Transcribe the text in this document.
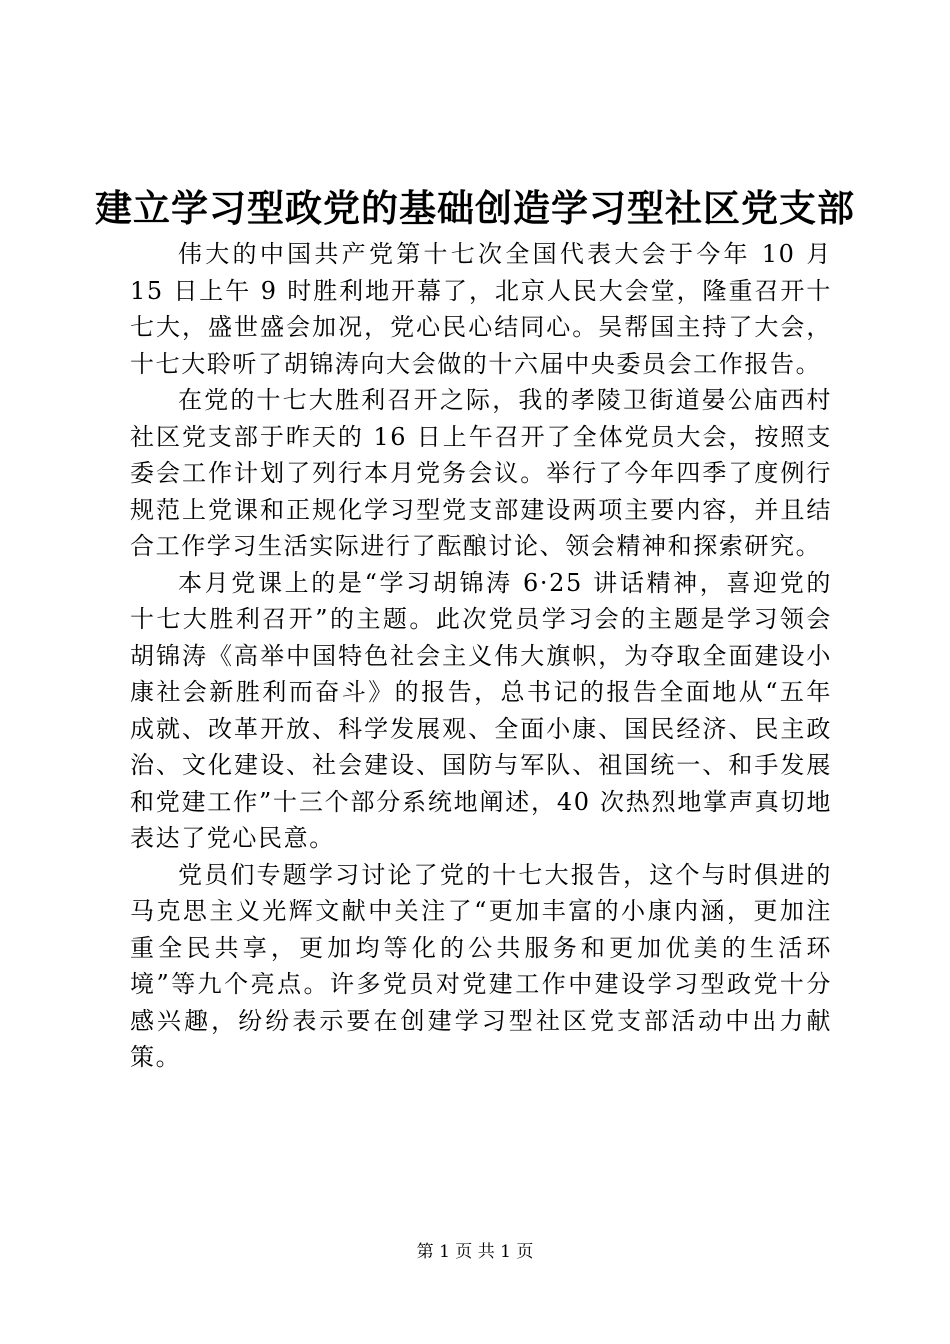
建立学习型政党的基础创造学习型社区党支部

伟大的中国共产党第十七次全国代表大会于今年 10 月 15 日上午 9 时胜利地开幕了，北京人民大会堂，隆重召开十七大，盛世盛会加况，党心民心结同心。吴帮国主持了大会，十七大聆听了胡锦涛向大会做的十六届中央委员会工作报告。

在党的十七大胜利召开之际，我的孝陵卫街道晏公庙西村社区党支部于昨天的 16 日上午召开了全体党员大会，按照支委会工作计划了列行本月党务会议。举行了今年四季了度例行规范上党课和正规化学习型党支部建设两项主要内容，并且结合工作学习生活实际进行了酝酿讨论、领会精神和探索研究。

本月党课上的是“学习胡锦涛 6·25 讲话精神，喜迎党的十七大胜利召开”的主题。此次党员学习会的主题是学习领会胡锦涛《高举中国特色社会主义伟大旗帜，为夺取全面建设小康社会新胜利而奋斗》的报告，总书记的报告全面地从“五年成就、改革开放、科学发展观、全面小康、国民经济、民主政治、文化建设、社会建设、国防与军队、祖国统一、和手发展和党建工作”十三个部分系统地阐述，40 次热烈地掌声真切地表达了党心民意。

党员们专题学习讨论了党的十七大报告，这个与时俱进的马克思主义光辉文献中关注了“更加丰富的小康内涵，更加注重全民共享，更加均等化的公共服务和更加优美的生活环境”等九个亮点。许多党员对党建工作中建设学习型政党十分感兴趣，纷纷表示要在创建学习型社区党支部活动中出力献策。

第 1 页 共 1 页
